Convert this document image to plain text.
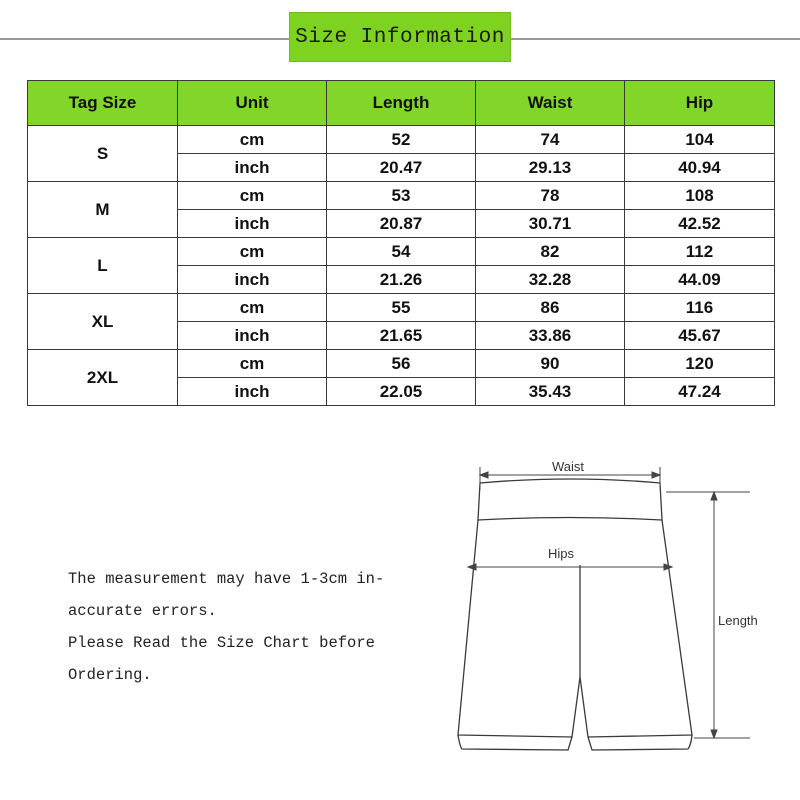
Size Information
Tag Size	Unit	Length	Waist	Hip
S	cm	52	74	104
	inch	20.47	29.13	40.94
M	cm	53	78	108
	inch	20.87	30.71	42.52
L	cm	54	82	112
	inch	21.26	32.28	44.09
XL	cm	55	86	116
	inch	21.65	33.86	45.67
2XL	cm	56	90	120
	inch	22.05	35.43	47.24
The measurement may have 1-3cm in-
accurate errors.
Please Read the Size Chart before
Ordering.
Waist
Hips
Length
